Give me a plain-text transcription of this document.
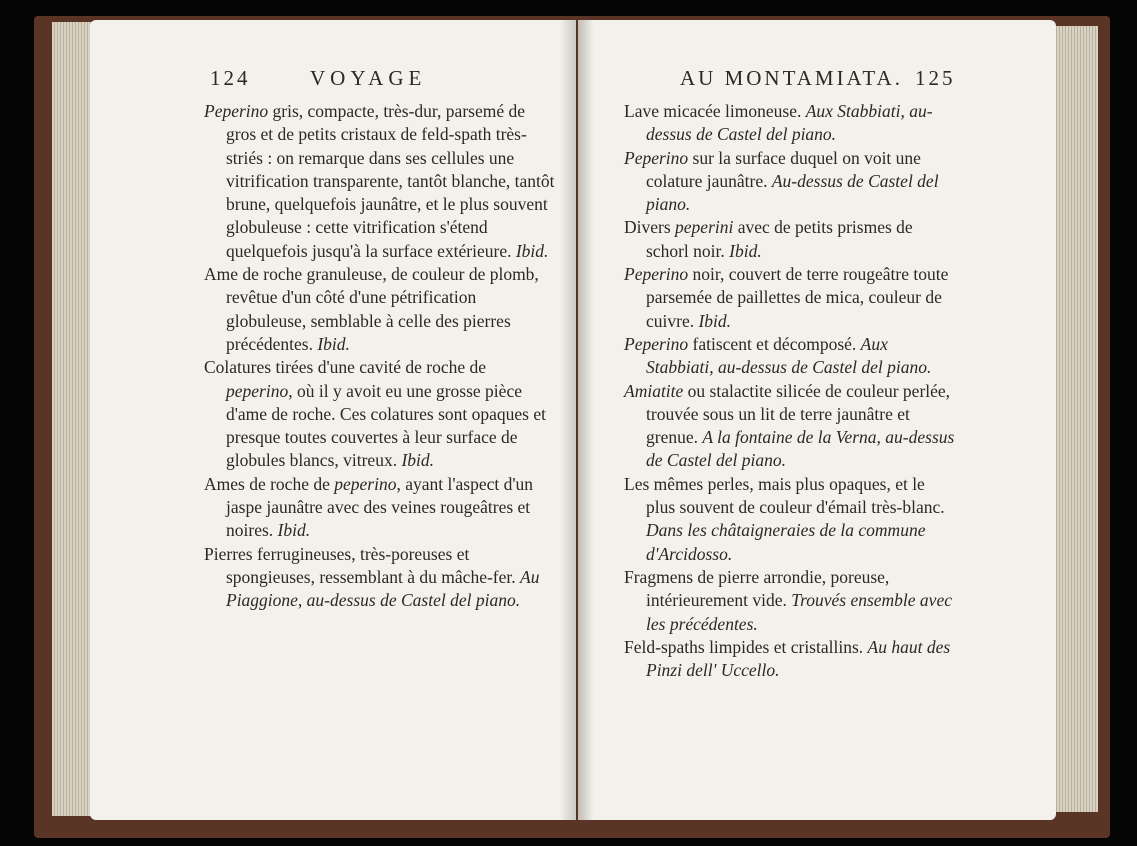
124	VOYAGE	AU MONTAMIATA. 125

Peperino gris, compacte, très-dur, parsemé de gros et de petits cristaux de feld-spath très-striés : on remarque dans ses cellules une vitrification transparente, tantôt blanche, tantôt brune, quelquefois jaunâtre, et le plus souvent globuleuse : cette vitrification s'étend quelquefois jusqu'à la surface extérieure. Ibid.

Ame de roche granuleuse, de couleur de plomb, revêtue d'un côté d'une pétrification globuleuse, semblable à celle des pierres précédentes. Ibid.

Colatures tirées d'une cavité de roche de peperino, où il y avoit eu une grosse pièce d'ame de roche. Ces colatures sont opaques et presque toutes couvertes à leur surface de globules blancs, vitreux. Ibid.

Ames de roche de peperino, ayant l'aspect d'un jaspe jaunâtre avec des veines rougeâtres et noires. Ibid.

Pierres ferrugineuses, très-poreuses et spongieuses, ressemblant à du mâche-fer. Au Piaggione, au-dessus de Castel del piano.

Lave micacée limoneuse. Aux Stabbiati, au-dessus de Castel del piano.

Peperino sur la surface duquel on voit une colature jaunâtre. Au-dessus de Castel del piano.

Divers peperini avec de petits prismes de schorl noir. Ibid.

Peperino noir, couvert de terre rougeâtre toute parsemée de paillettes de mica, couleur de cuivre. Ibid.

Peperino fatiscent et décomposé. Aux Stabbiati, au-dessus de Castel del piano.

Amiatite ou stalactite silicée de couleur perlée, trouvée sous un lit de terre jaunâtre et grenue. A la fontaine de la Verna, au-dessus de Castel del piano.

Les mêmes perles, mais plus opaques, et le plus souvent de couleur d'émail très-blanc. Dans les châtaigneraies de la commune d'Arcidosso.

Fragmens de pierre arrondie, poreuse, intérieurement vide. Trouvés ensemble avec les précédentes.

Feld-spaths limpides et cristallins. Au haut des Pinzi dell' Uccello.
